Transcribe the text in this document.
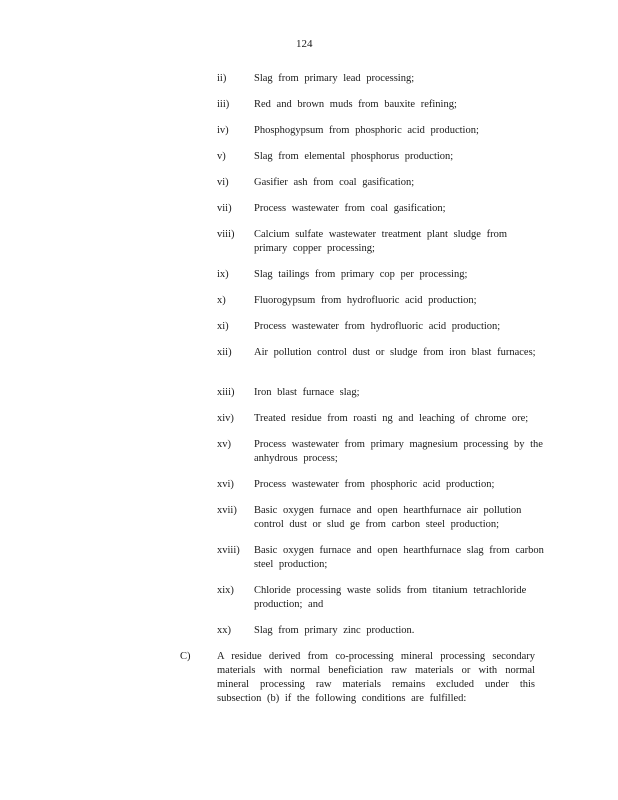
124
ii)	Slag from primary lead processing;
iii)	Red and brown muds from bauxite refining;
iv)	Phosphogypsum from phosphoric acid production;
v)	Slag from elemental phosphorus production;
vi)	Gasifier ash from coal gasification;
vii)	Process wastewater from coal gasification;
viii)	Calcium sulfate wastewater treatment plant sludge from primary copper processing;
ix)	Slag tailings from primary cop per processing;
x)	Fluorogypsum from hydrofluoric acid production;
xi)	Process wastewater from hydrofluoric acid production;
xii)	Air pollution control dust or sludge from iron blast furnaces;
xiii)	Iron blast furnace slag;
xiv)	Treated residue from roasti ng and leaching of chrome ore;
xv)	Process wastewater from primary magnesium processing by the anhydrous process;
xvi)	Process wastewater from phosphoric acid production;
xvii)	Basic oxygen furnace and open hearthfurnace air pollution control dust or slud ge from carbon steel production;
xviii)	Basic oxygen furnace and open hearthfurnace slag from carbon steel production;
xix)	Chloride processing waste solids from titanium tetrachloride production; and
xx)	Slag from primary zinc production.
C)	A residue derived from co-processing mineral processing secondary materials with normal beneficiation raw materials or with normal mineral processing raw materials remains excluded under this subsection (b) if the following conditions are fulfilled:
